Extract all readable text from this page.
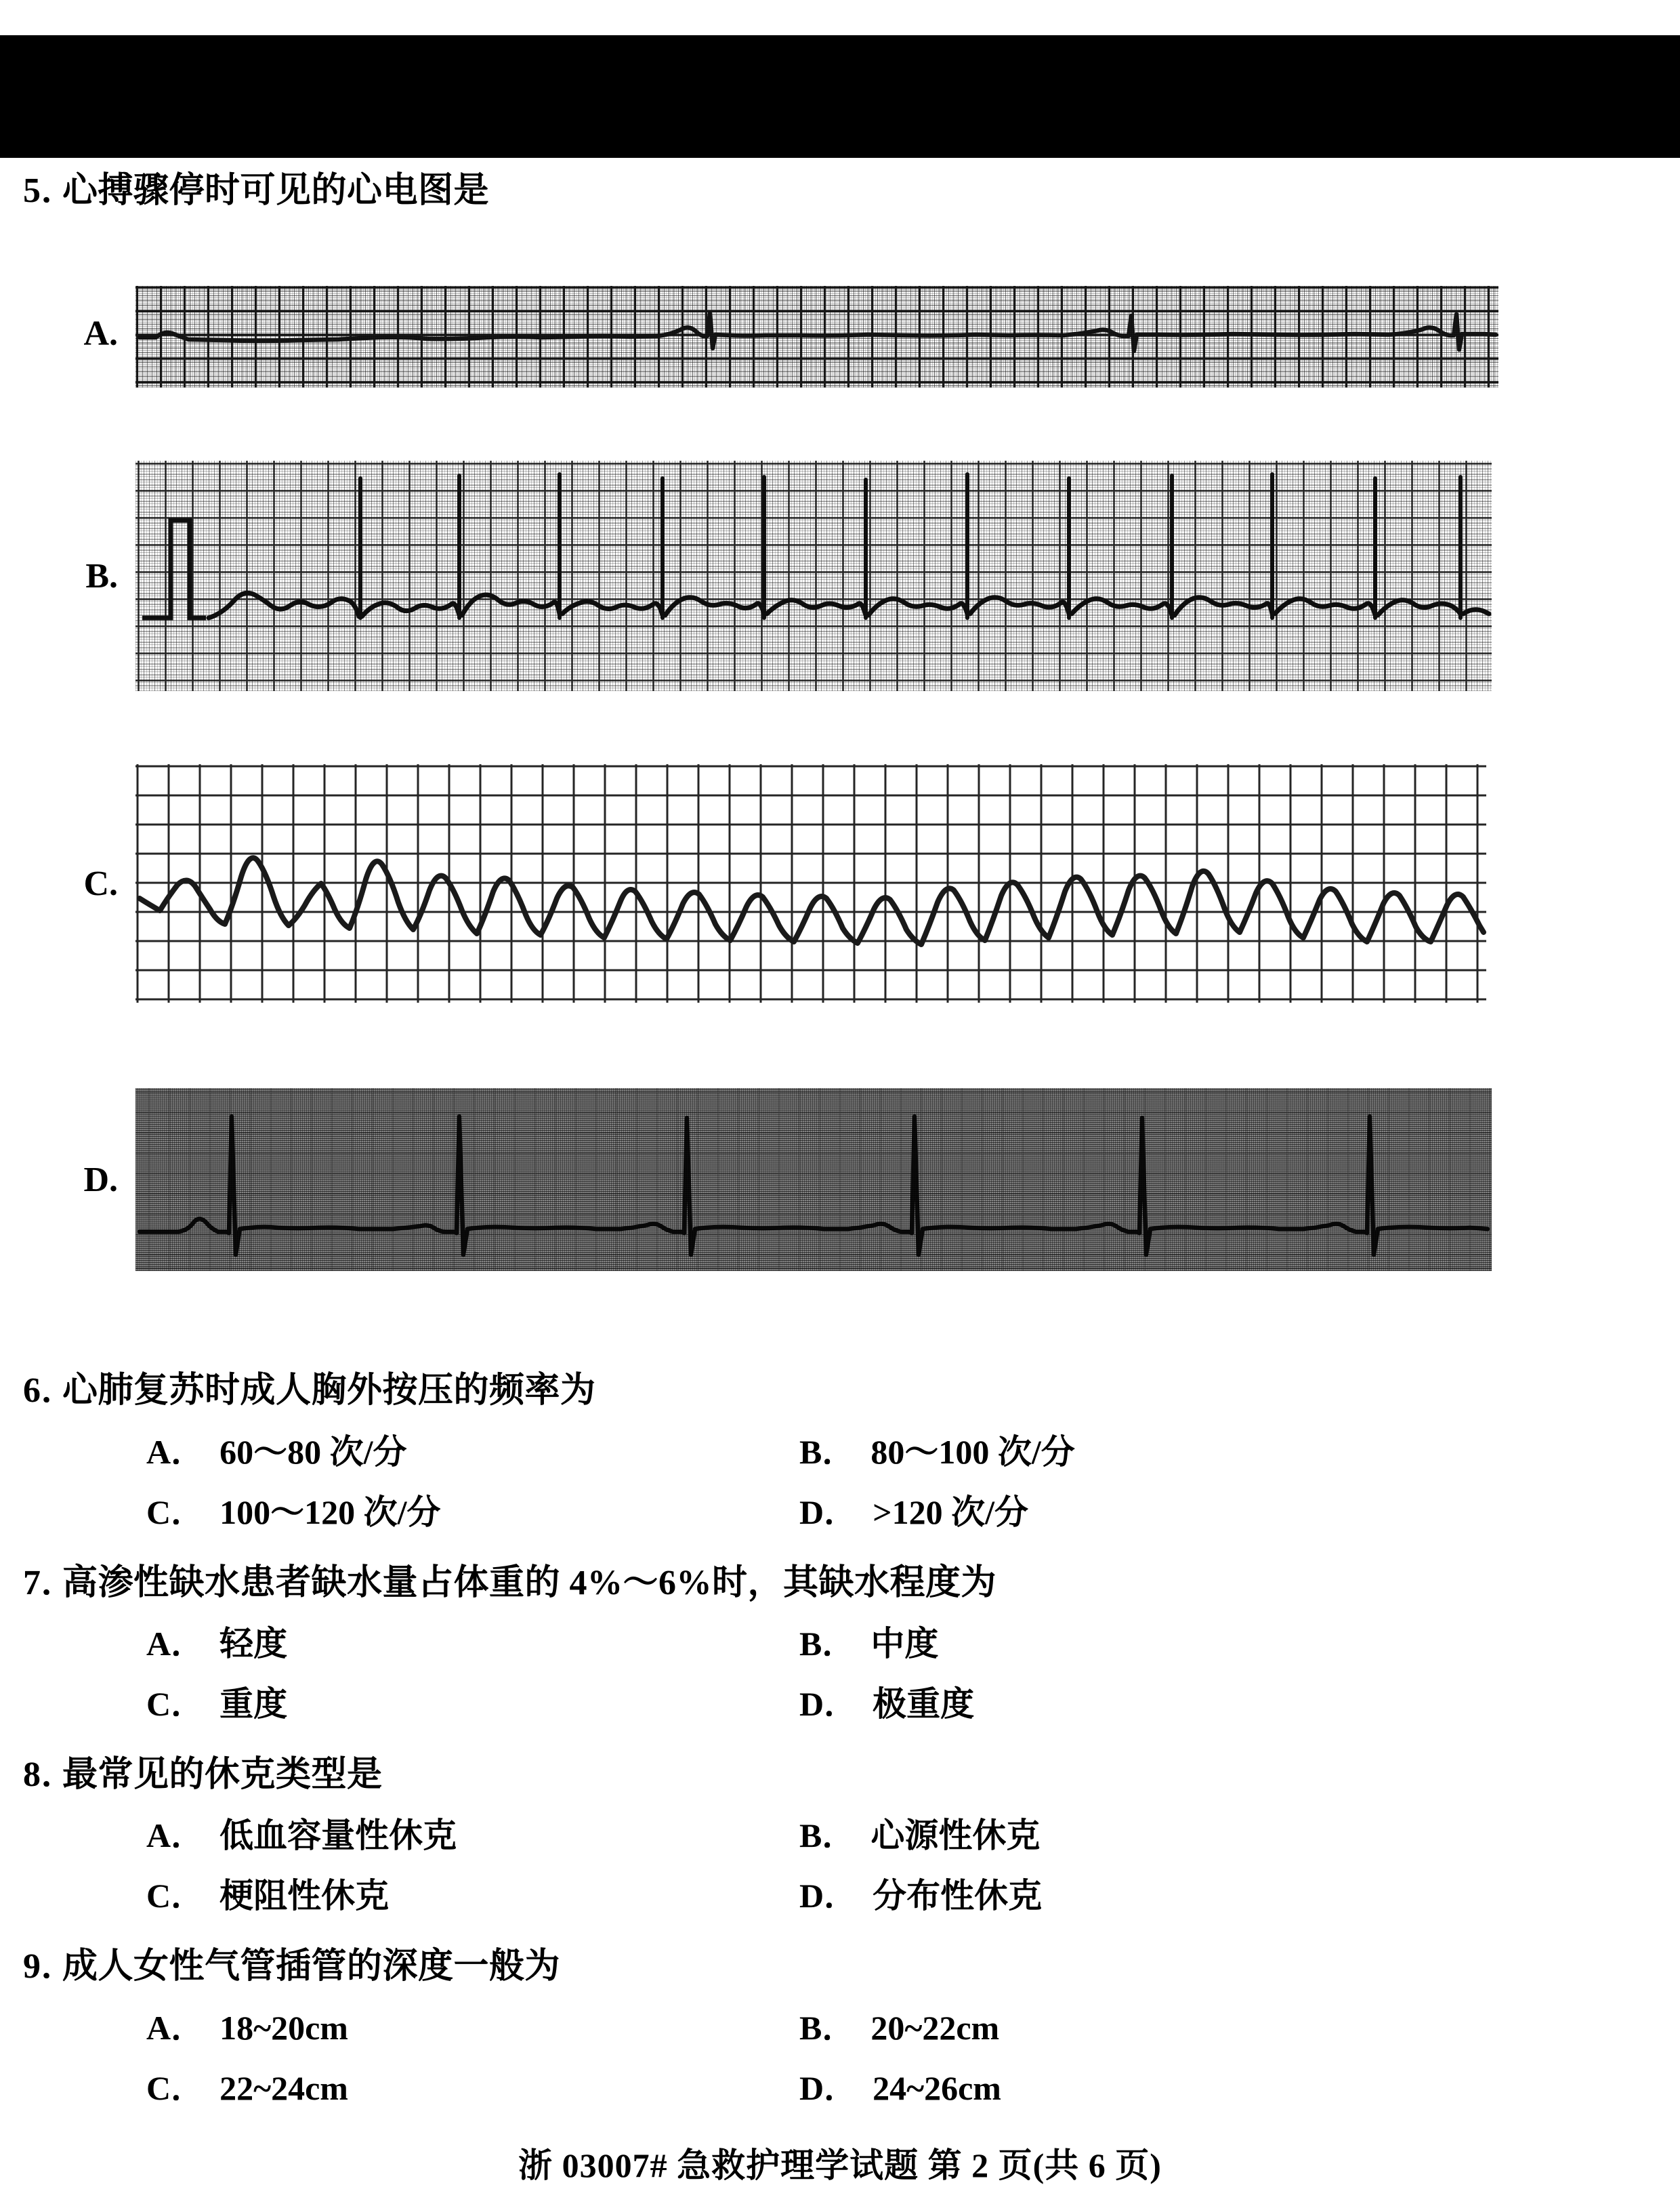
5．
心搏骤停时可见的心电图是
A.
B.
C.
D.
6．
心肺复苏时成人胸外按压的频率为
A． 60～80 次/分	B． 80～100 次/分
C． 100～120 次/分	D． >120 次/分
7．
高渗性缺水患者缺水量占体重的 4%～6%时，其缺水程度为
A． 轻度	B． 中度
C． 重度	D． 极重度
8．
最常见的休克类型是
A． 低血容量性休克	B． 心源性休克
C． 梗阻性休克	D． 分布性休克
9．
成人女性气管插管的深度一般为
A． 18~20cm	B． 20~22cm
C． 22~24cm	D． 24~26cm
浙 03007# 急救护理学试题 第 2 页(共 6 页)
